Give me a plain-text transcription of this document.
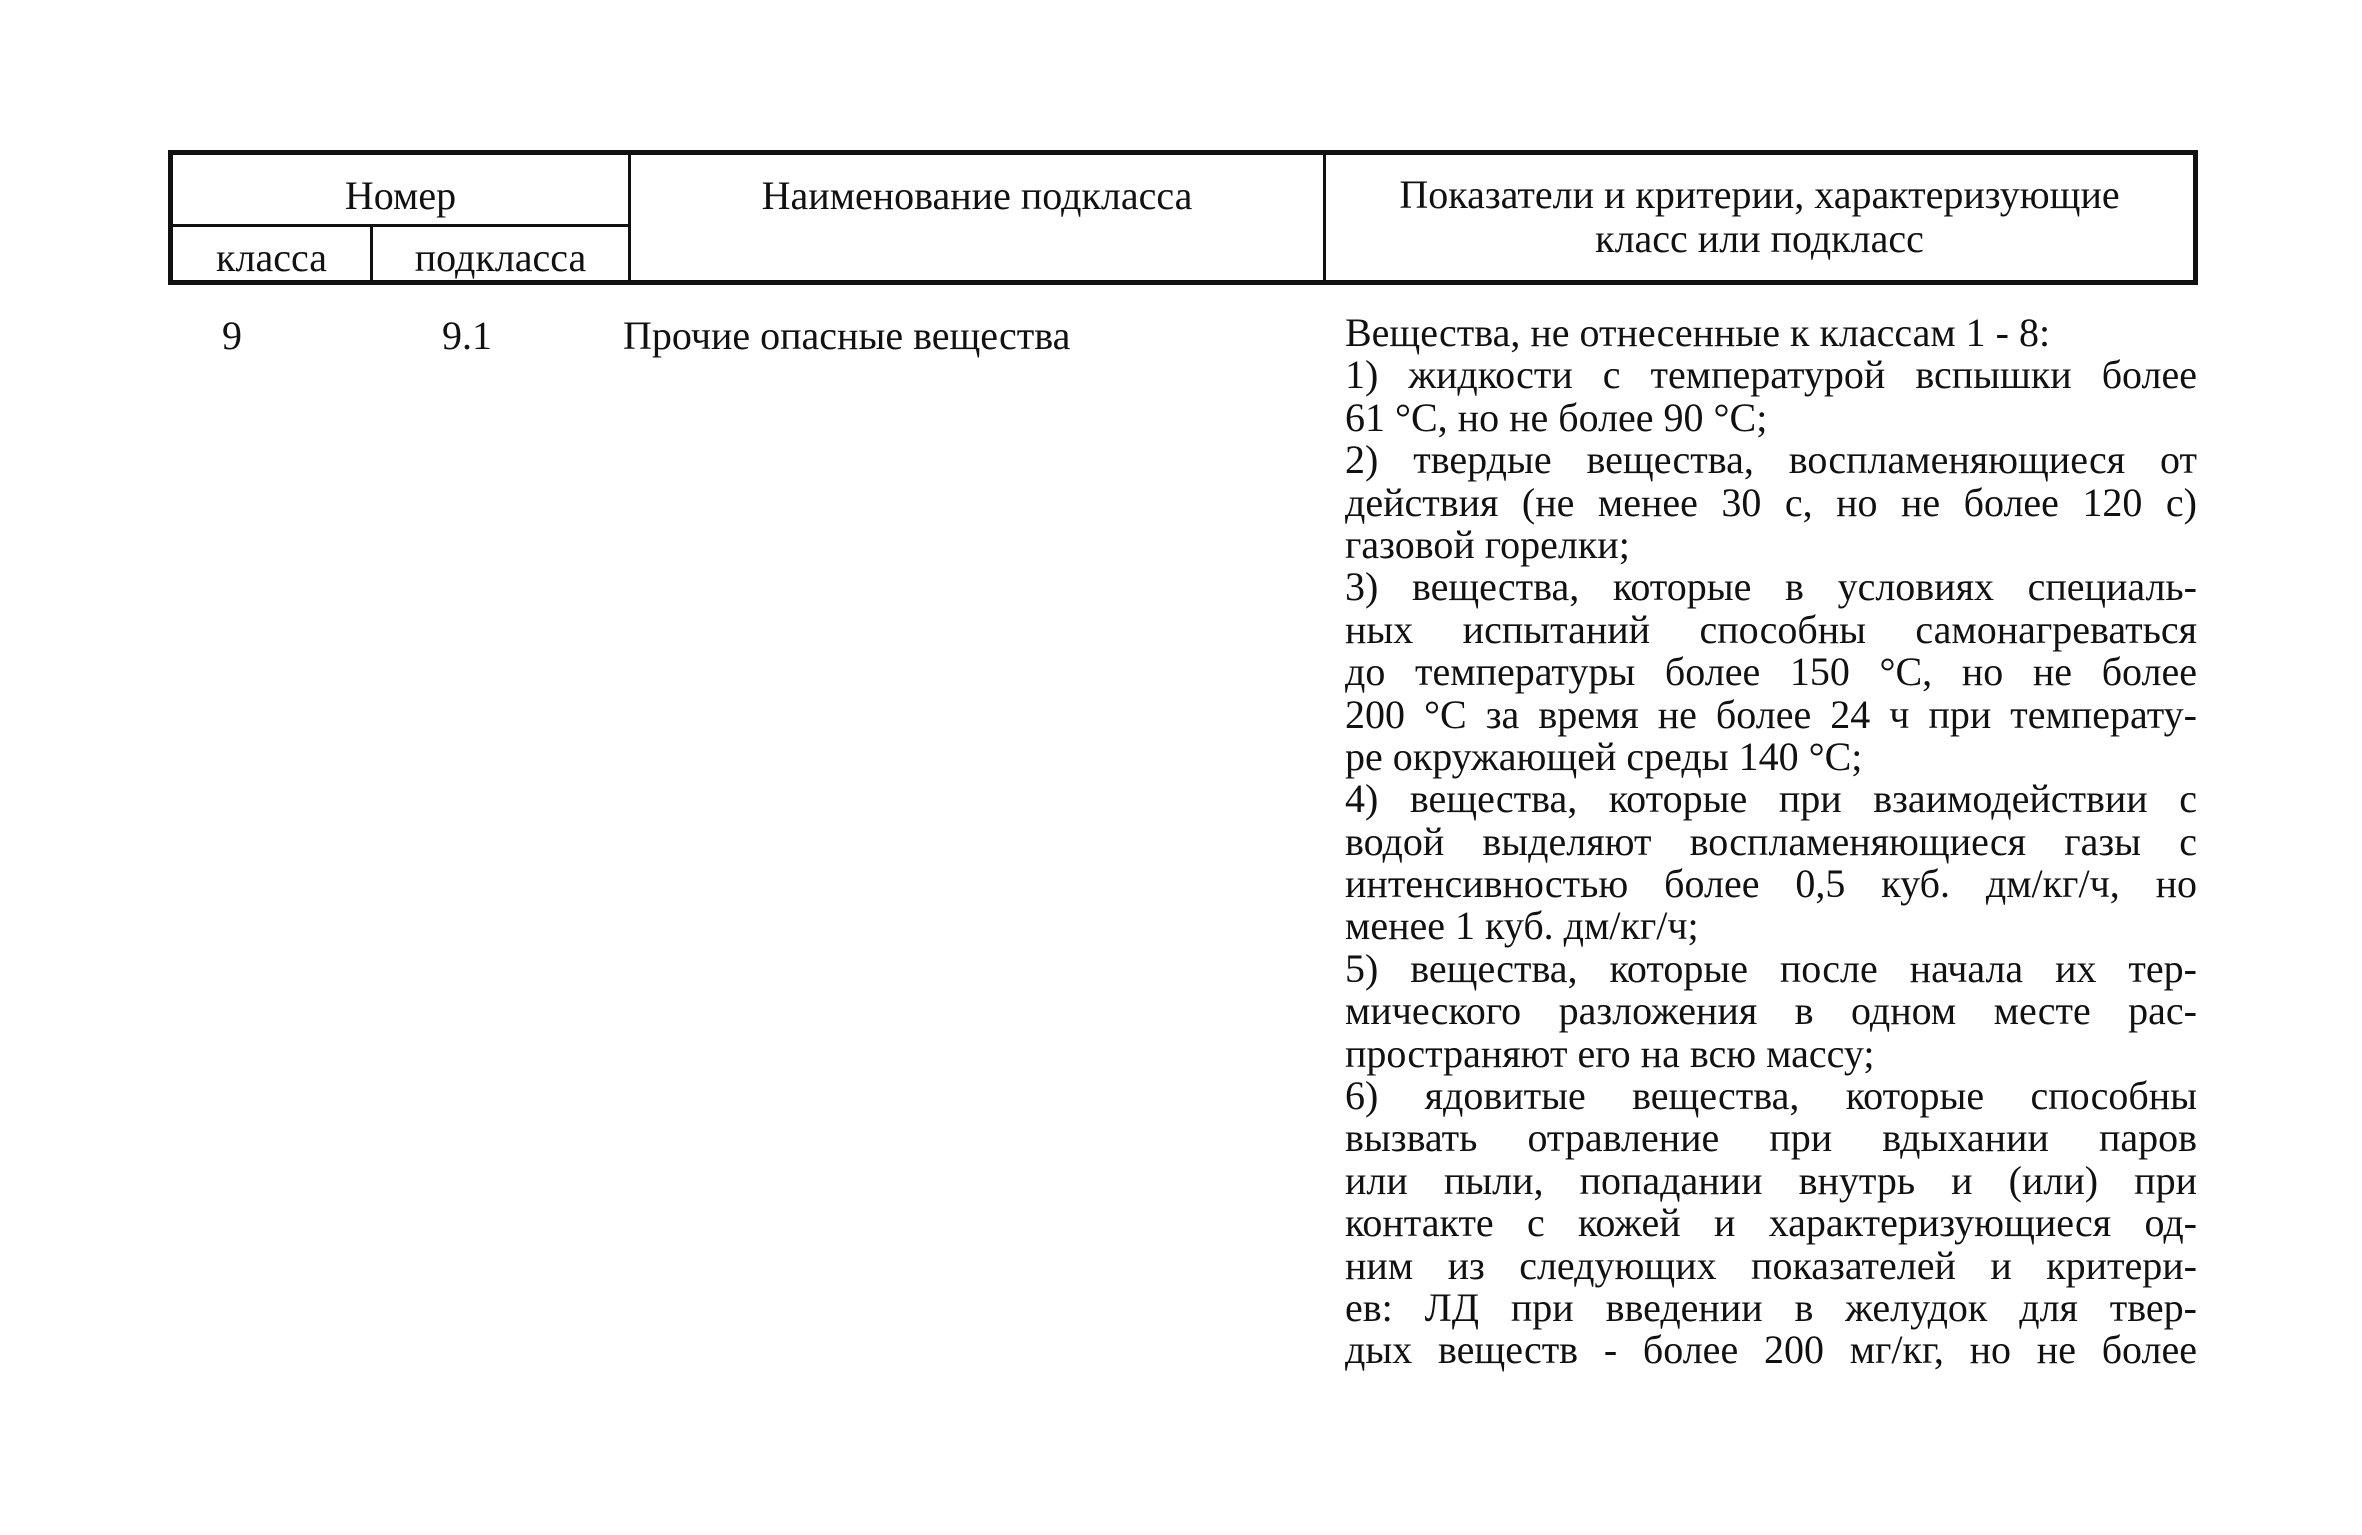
Номер
класса	подкласса
Наименование подкласса	Показатели и критерии, характеризующие
класс или подкласс
9	9.1	Прочие опасные вещества	Вещества, не отнесенные к классам 1 - 8:
1) жидкости с температурой вспышки более
61 °С, но не более 90 °С;
2) твердые вещества, воспламеняющиеся от
действия (не менее 30 с, но не более 120 с)
газовой горелки;
3) вещества, которые в условиях специаль-
ных испытаний способны самонагреваться
до температуры более 150 °С, но не более
200 °С за время не более 24 ч при температу-
ре окружающей среды 140 °С;
4) вещества, которые при взаимодействии с
водой выделяют воспламеняющиеся газы с
интенсивностью более 0,5 куб. дм/кг/ч, но
менее 1 куб. дм/кг/ч;
5) вещества, которые после начала их тер-
мического разложения в одном месте рас-
пространяют его на всю массу;
6) ядовитые вещества, которые способны
вызвать отравление при вдыхании паров
или пыли, попадании внутрь и (или) при
контакте с кожей и характеризующиеся од-
ним из следующих показателей и критери-
ев: ЛД при введении в желудок для твер-
дых веществ - более 200 мг/кг, но не более
